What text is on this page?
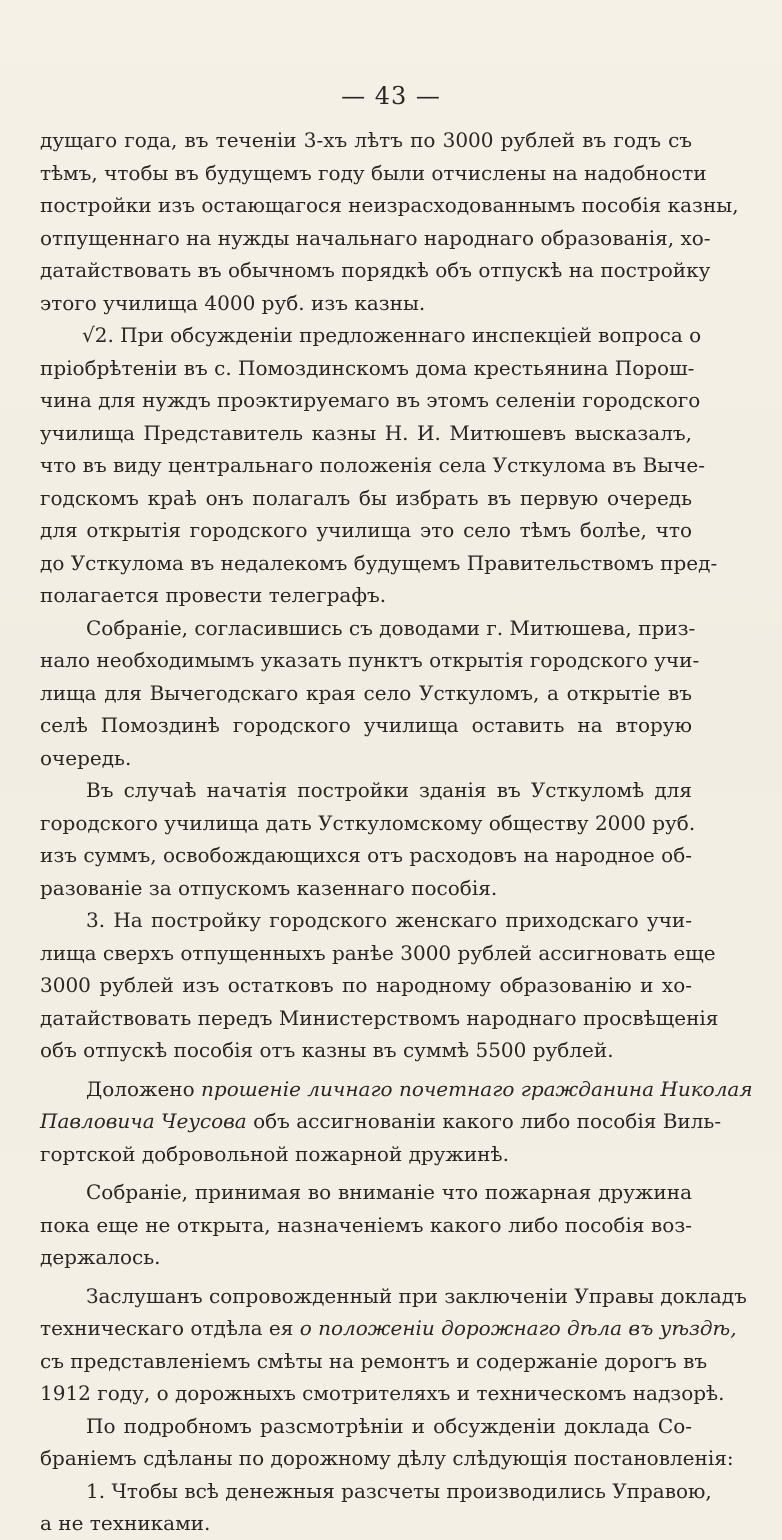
— 43 —
дущаго года, въ теченіи 3-хъ лѣтъ по 3000 рублей въ годъ съ
тѣмъ, чтобы въ будущемъ году были отчислены на надобности
постройки изъ остающагося неизрасходованнымъ пособія казны,
отпущеннаго на нужды начальнаго народнаго образованія, хо-
датайствовать въ обычномъ порядкѣ объ отпускѣ на постройку
этого училища 4000 руб. изъ казны.
√2. При обсужденіи предложеннаго инспекціей вопроса о
пріобрѣтеніи въ с. Помоздинскомъ дома крестьянина Порош-
чина для нуждъ проэктируемаго въ этомъ селеніи городского
училища Представитель казны Н. И. Митюшевъ высказалъ,
что въ виду центральнаго положенія села Усткулома въ Выче-
годскомъ краѣ онъ полагалъ бы избрать въ первую очередь
для открытія городского училища это село тѣмъ болѣе, что
до Усткулома въ недалекомъ будущемъ Правительствомъ пред-
полагается провести телеграфъ.
Собраніе, согласившись съ доводами г. Митюшева, приз-
нало необходимымъ указать пунктъ открытія городского учи-
лища для Вычегодскаго края село Усткуломъ, а открытіе въ
селѣ Помоздинѣ городского училища оставить на вторую
очередь.
Въ случаѣ начатія постройки зданія въ Усткуломѣ для
городского училища дать Усткуломскому обществу 2000 руб.
изъ суммъ, освобождающихся отъ расходовъ на народное об-
разованіе за отпускомъ казеннаго пособія.
3. На постройку городского женскаго приходскаго учи-
лища сверхъ отпущенныхъ ранѣе 3000 рублей ассигновать еще
3000 рублей изъ остатковъ по народному образованію и хо-
датайствовать передъ Министерствомъ народнаго просвѣщенія
объ отпускѣ пособія отъ казны въ суммѣ 5500 рублей.
Доложено прошеніе личнаго почетнаго гражданина Николая
Павловича Чеусова объ ассигнованіи какого либо пособія Виль-
гортской добровольной пожарной дружинѣ.
Собраніе, принимая во вниманіе что пожарная дружина
пока еще не открыта, назначеніемъ какого либо пособія воз-
держалось.
Заслушанъ сопровожденный при заключеніи Управы докладъ
техническаго отдѣла ея о положеніи дорожнаго дѣла въ уѣздѣ,
съ представленіемъ смѣты на ремонтъ и содержаніе дорогъ въ
1912 году, о дорожныхъ смотрителяхъ и техническомъ надзорѣ.
По подробномъ разсмотрѣніи и обсужденіи доклада Со-
браніемъ сдѣланы по дорожному дѣлу слѣдующія постановленія:
1. Чтобы всѣ денежныя разсчеты производились Управою,
а не техниками.
